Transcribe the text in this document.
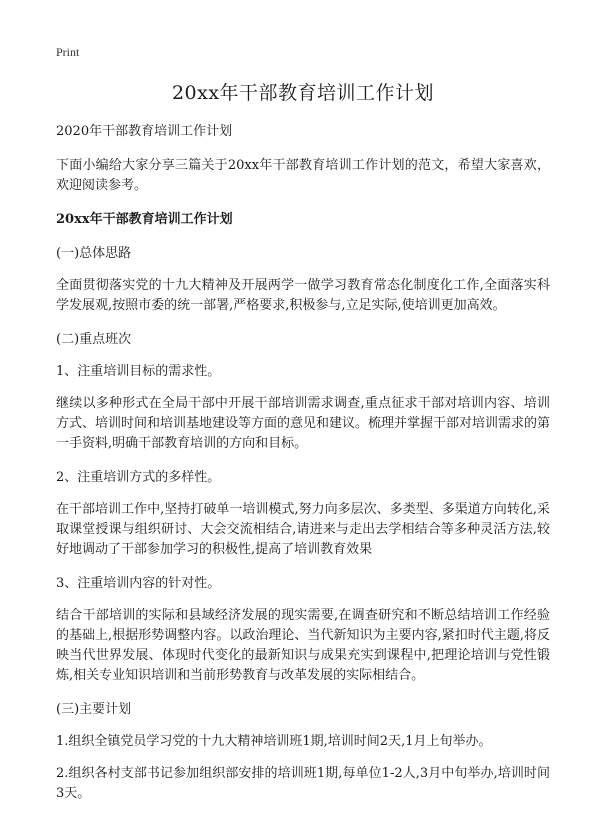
Print
20xx年干部教育培训工作计划

2020年干部教育培训工作计划

下面小编给大家分享三篇关于20xx年干部教育培训工作计划的范文，希望大家喜欢，欢迎阅读参考。

20xx年干部教育培训工作计划

(一)总体思路

全面贯彻落实党的十九大精神及开展两学一做学习教育常态化制度化工作,全面落实科学发展观,按照市委的统一部署,严格要求,积极参与,立足实际,使培训更加高效。

(二)重点班次

1、注重培训目标的需求性。

继续以多种形式在全局干部中开展干部培训需求调查,重点征求干部对培训内容、培训方式、培训时间和培训基地建设等方面的意见和建议。梳理并掌握干部对培训需求的第一手资料,明确干部教育培训的方向和目标。

2、注重培训方式的多样性。

在干部培训工作中,坚持打破单一培训模式,努力向多层次、多类型、多渠道方向转化,采取课堂授课与组织研讨、大会交流相结合,请进来与走出去学相结合等多种灵活方法,较好地调动了干部参加学习的积极性,提高了培训教育效果

3、注重培训内容的针对性。

结合干部培训的实际和县域经济发展的现实需要,在调查研究和不断总结培训工作经验的基础上,根据形势调整内容。以政治理论、当代新知识为主要内容,紧扣时代主题,将反映当代世界发展、体现时代变化的最新知识与成果充实到课程中,把理论培训与党性锻炼,相关专业知识培训和当前形势教育与改革发展的实际相结合。

(三)主要计划

1.组织全镇党员学习党的十九大精神培训班1期,培训时间2天,1月上旬举办。

2.组织各村支部书记参加组织部安排的培训班1期,每单位1-2人,3月中旬举办,培训时间3天。
